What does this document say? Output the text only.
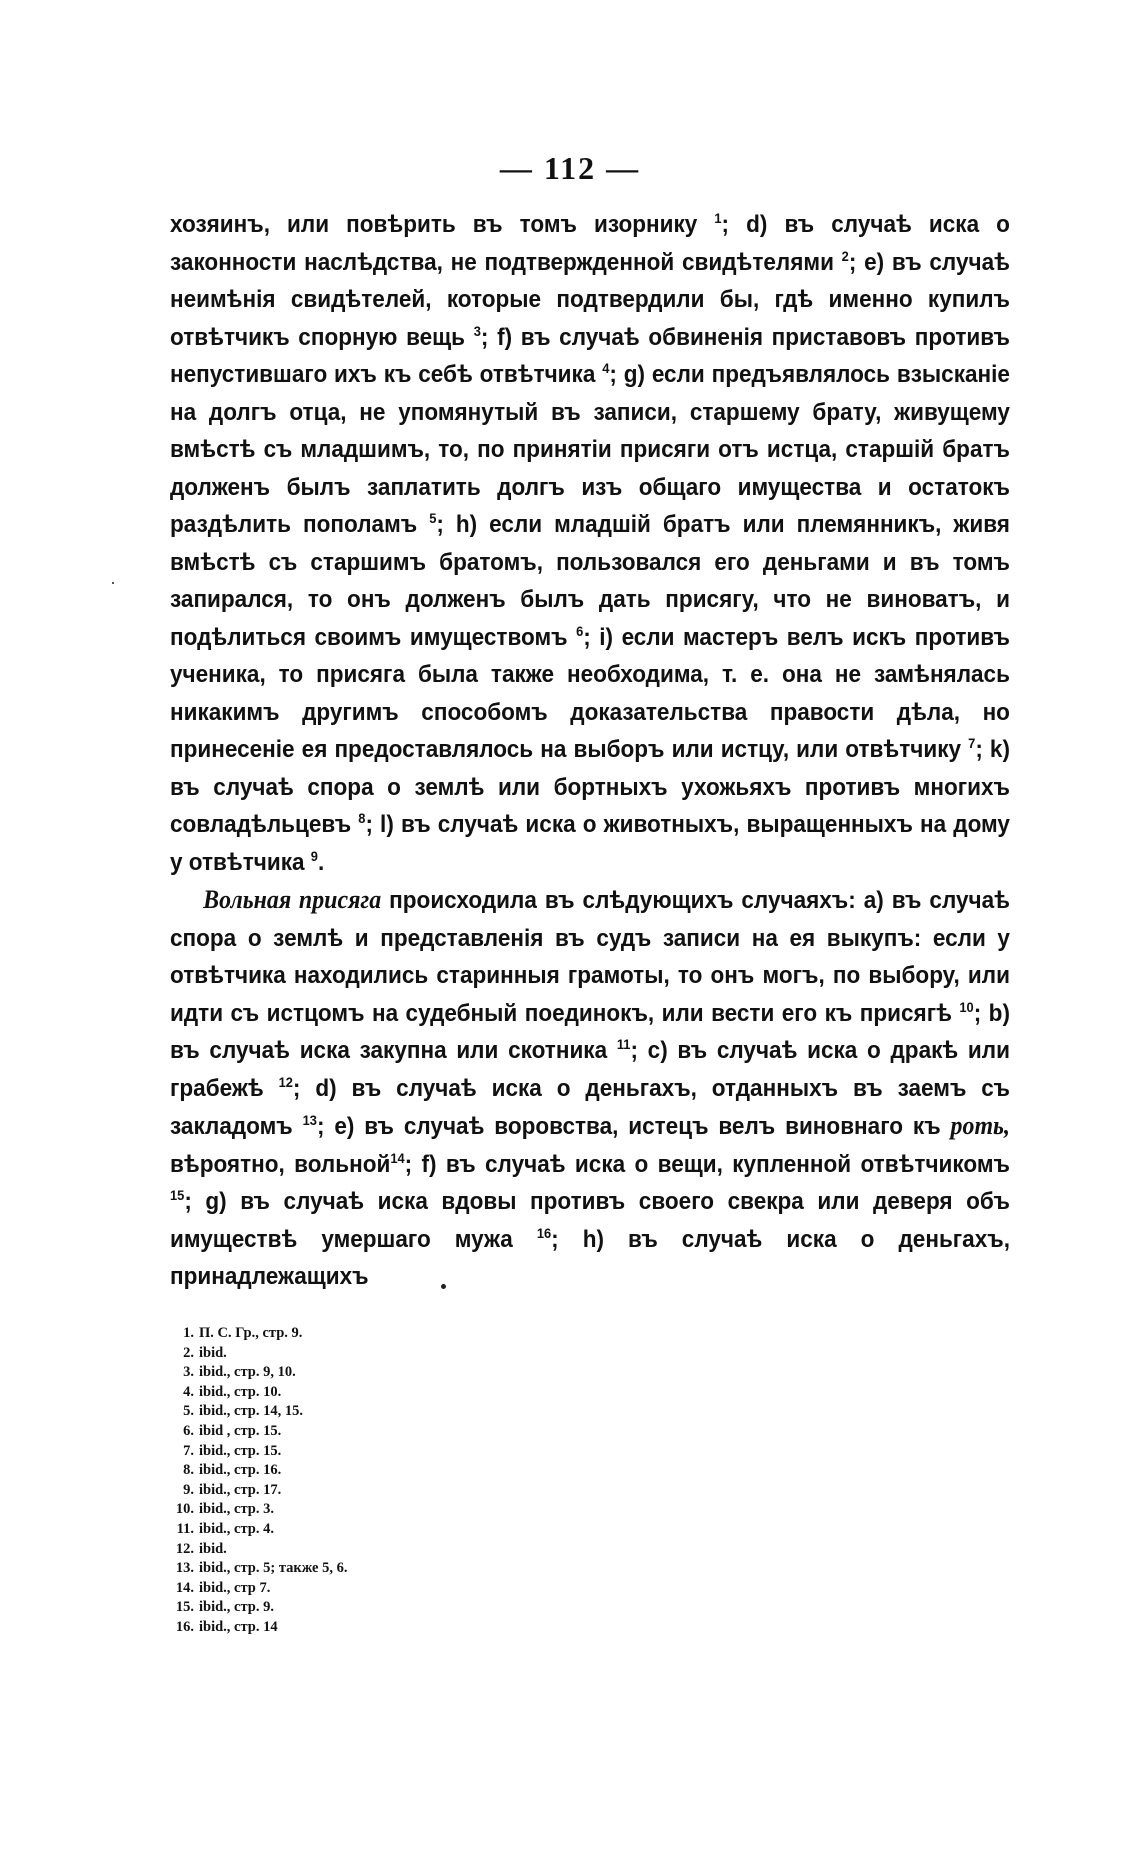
— 112 —

хозяинъ, или повѣрить въ томъ изорнику $^1$; d) въ случаѣ иска о законности наслѣдства, не подтвержденной свидѣтелями $^2$; e) въ случаѣ неимѣнія свидѣтелей, которые подтвердили бы, гдѣ именно купилъ отвѣтчикъ спорную вещь $^3$; f) въ случаѣ обвиненія приставовъ противъ непустившаго ихъ къ себѣ отвѣтчика $^4$; g) если предъявлялось взысканіе на долгъ отца, не упомянутый въ записи, старшему брату, живущему вмѣстѣ съ младшимъ, то, по принятіи присяги отъ истца, старшій братъ долженъ былъ заплатить долгъ изъ общаго имущества и остатокъ раздѣлить пополамъ $^5$; h) если младшій братъ или племянникъ, живя вмѣстѣ съ старшимъ братомъ, пользовался его деньгами и въ томъ запирался, то онъ долженъ былъ дать присягу, что не виноватъ, и подѣлиться своимъ имуществомъ $^6$; i) если мастеръ велъ искъ противъ ученика, то присяга была также необходима, т. е. она не замѣнялась никакимъ другимъ способомъ доказательства правости дѣла, но принесеніе ея предоставлялось на выборъ или истцу, или отвѣтчику $^7$; k) въ случаѣ спора о землѣ или бортныхъ ухожьяхъ противъ многихъ совладѣльцевъ $^8$; l) въ случаѣ иска о животныхъ, выращенныхъ на дому у отвѣтчика $^9$.

Вольная присяга происходила въ слѣдующихъ случаяхъ: a) въ случаѣ спора о землѣ и представленія въ судъ записи на ея выкупъ: если у отвѣтчика находились старинныя грамоты, то онъ могъ, по выбору, или идти съ истцомъ на судебный поединокъ, или вести его къ присягѣ $^{10}$; b) въ случаѣ иска закупна или скотника $^{11}$; c) въ случаѣ иска о дракѣ или грабежѣ $^{12}$; d) въ случаѣ иска о деньгахъ, отданныхъ въ заемъ съ закладомъ $^{13}$; e) въ случаѣ воровства, истецъ велъ виновнаго къ роть, вѣроятно, вольной$^{14}$; f) въ случаѣ иска о вещи, купленной отвѣтчикомъ $^{15}$; g) въ случаѣ иска вдовы противъ своего свекра или деверя объ имуществѣ умершаго мужа $^{16}$; h) въ случаѣ иска о деньгахъ, принадлежащихъ

1. П. С. Гр., стр. 9.
2. ibid.
3. ibid., стр. 9, 10.
4. ibid., стр. 10.
5. ibid., стр. 14, 15.
6. ibid , стр. 15.
7. ibid., стр. 15.
8. ibid., стр. 16.
9. ibid., стр. 17.
10. ibid., стр. 3.
11. ibid., стр. 4.
12. ibid.
13. ibid., стр. 5; также 5, 6.
14. ibid., стр 7.
15. ibid., стр. 9.
16. ibid., стр. 14
